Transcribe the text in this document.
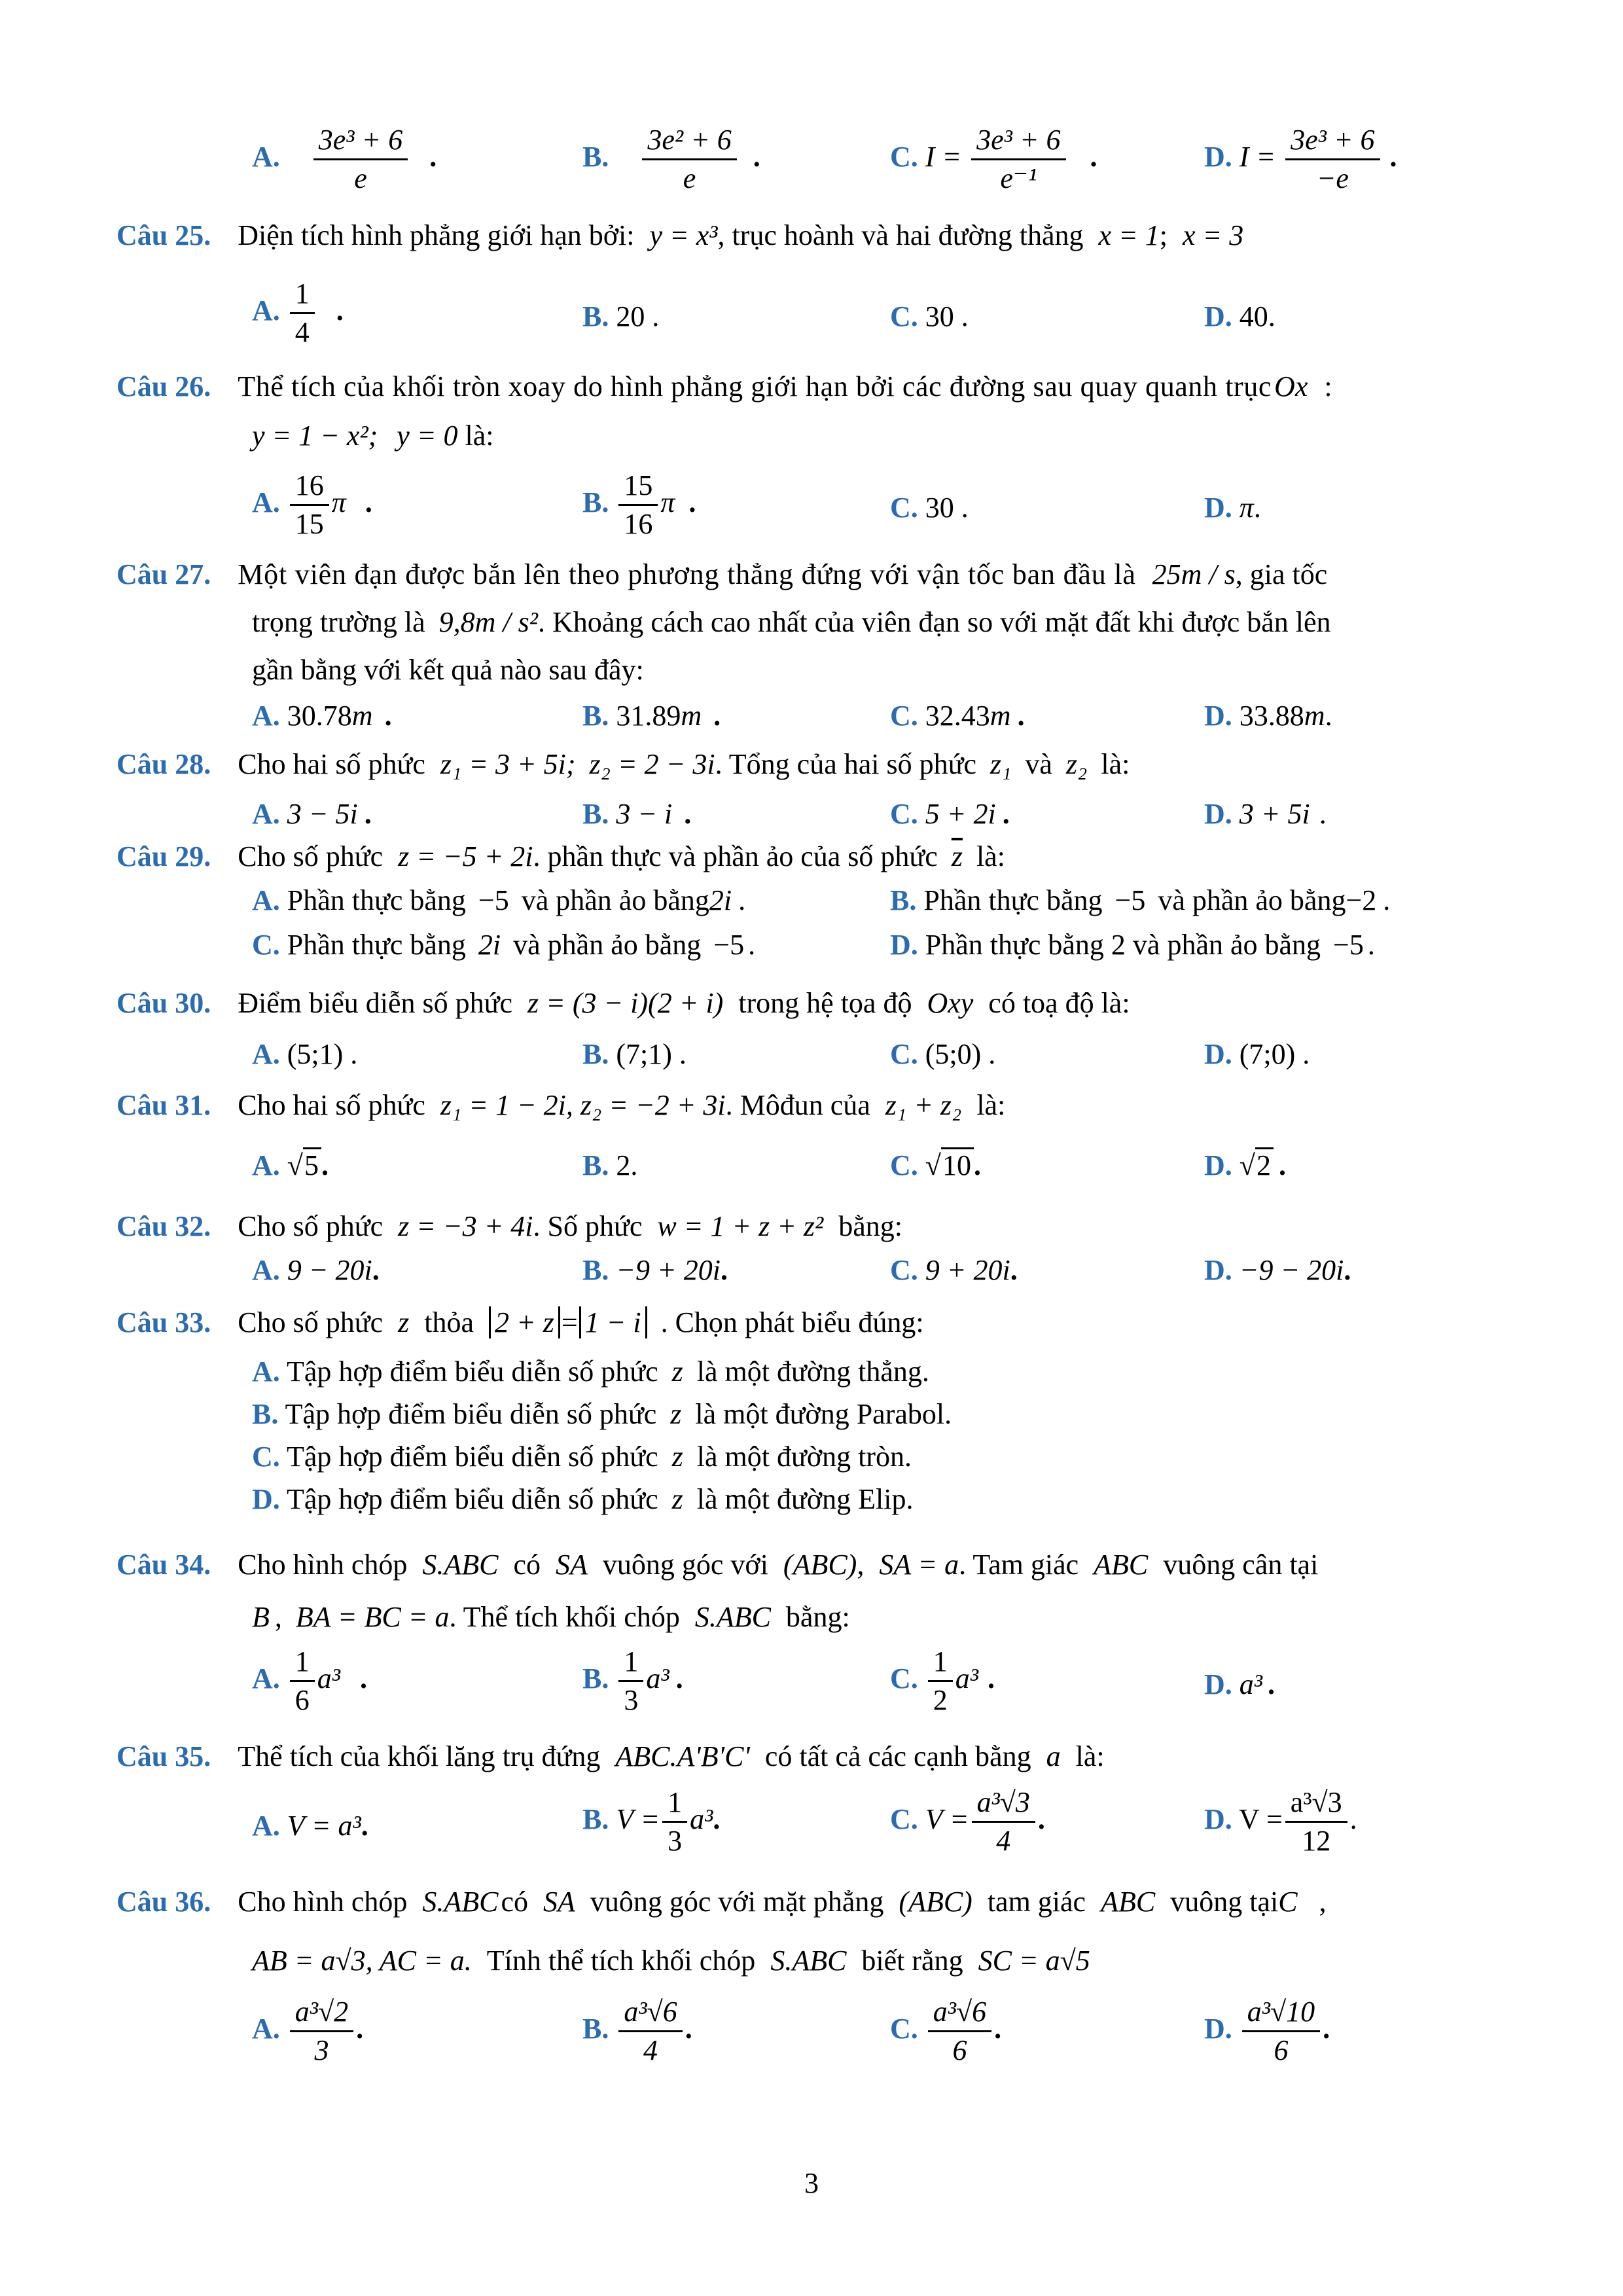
A. $\frac{\text{3e³ + 6}}{e}$ .	B. $\frac{\text{3e² + 6}}{e}$ .	C. $I = \frac{\text{3e³ + 6}}{\text{e⁻¹}}$ .	D. $I = \frac{\text{3e³ + 6}}{-e}$ .
Câu 25. Diện tích hình phẳng giới hạn bởi: y = x³, trục hoành và hai đường thẳng x = 1; x = 3
A. $\frac{1}{4}$ .	B. 20 .	C. 30 .	D. 40.
Câu 26. Thể tích của khối tròn xoay do hình phẳng giới hạn bởi các đường sau quay quanh trụcOx :
y = 1 − x²; y = 0 là:
A. $\frac{16}{15}$ π .	B. $\frac{15}{16}$ π .	C. 30 .	D. π.
Câu 27. Một viên đạn được bắn lên theo phương thẳng đứng với vận tốc ban đầu là 25m / s, gia tốc
trọng trường là 9,8m / s². Khoảng cách cao nhất của viên đạn so với mặt đất khi được bắn lên
gần bằng với kết quả nào sau đây:
A. 30.78m .	B. 31.89m .	C. 32.43m .	D. 33.88m.
Câu 28. Cho hai số phức z₁ = 3 + 5i; z₂ = 2 − 3i. Tổng của hai số phức z₁ và z₂ là:
A. 3 − 5i .	B. 3 − i .	C. 5 + 2i .	D. 3 + 5i .
Câu 29. Cho số phức z = −5 + 2i. phần thực và phần ảo của số phức $\overline{z}$ là:
A. Phần thực bằng −5 và phần ảo bằng2i .	B. Phần thực bằng −5 và phần ảo bằng−2 .
C. Phần thực bằng 2i và phần ảo bằng −5 .	D. Phần thực bằng 2 và phần ảo bằng −5 .
Câu 30. Điểm biểu diễn số phức z = (3 − i)(2 + i) trong hệ tọa độ Oxy có toạ độ là:
A. (5;1) .	B. (7;1) .	C. (5;0) .	D. (7;0) .
Câu 31. Cho hai số phức z₁ = 1 − 2i, z₂ = −2 + 3i. Môđun của z₁ + z₂ là:
A. √5.	B. 2.	C. √10.	D. √2 .
Câu 32. Cho số phức z = −3 + 4i. Số phức w = 1 + z + z² bằng:
A. 9 − 20i.	B. −9 + 20i.	C. 9 + 20i.	D. −9 − 20i.
Câu 33. Cho số phức z thỏa 2 + z = 1 − i . Chọn phát biểu đúng:
A. Tập hợp điểm biểu diễn số phức z là một đường thẳng.
B. Tập hợp điểm biểu diễn số phức z là một đường Parabol.
C. Tập hợp điểm biểu diễn số phức z là một đường tròn.
D. Tập hợp điểm biểu diễn số phức z là một đường Elip.
Câu 34. Cho hình chóp S.ABC có SA vuông góc với (ABC), SA = a. Tam giác ABC vuông cân tại
B , BA = BC = a. Thể tích khối chóp S.ABC bằng:
A. $\frac{1}{6} a^3$ .	B. $\frac{1}{3} a^3$ .	C. $\frac{1}{2} a^3$ .	D. a³ .
Câu 35. Thể tích của khối lăng trụ đứng ABC.A'B'C' có tất cả các cạnh bằng a là:
A. V = a³.	B. $V = \frac{1}{3} a^3$.	C. $V = \frac{\text{a³√3}}{4}$ .	D. $V = \frac{\text{a³√3}}{12}$ .
Câu 36. Cho hình chóp S.ABCcó SA vuông góc với mặt phẳng (ABC) tam giác ABC vuông tạiC ,
AB = a√3, AC = a. Tính thể tích khối chóp S.ABC biết rằng SC = a√5
A. $\frac{\text{a³√2}}{3}$ .	B. $\frac{\text{a³√6}}{4}$ .	C. $\frac{\text{a³√6}}{6}$ .	D. $\frac{\text{a³√10}}{6}$ .
3
